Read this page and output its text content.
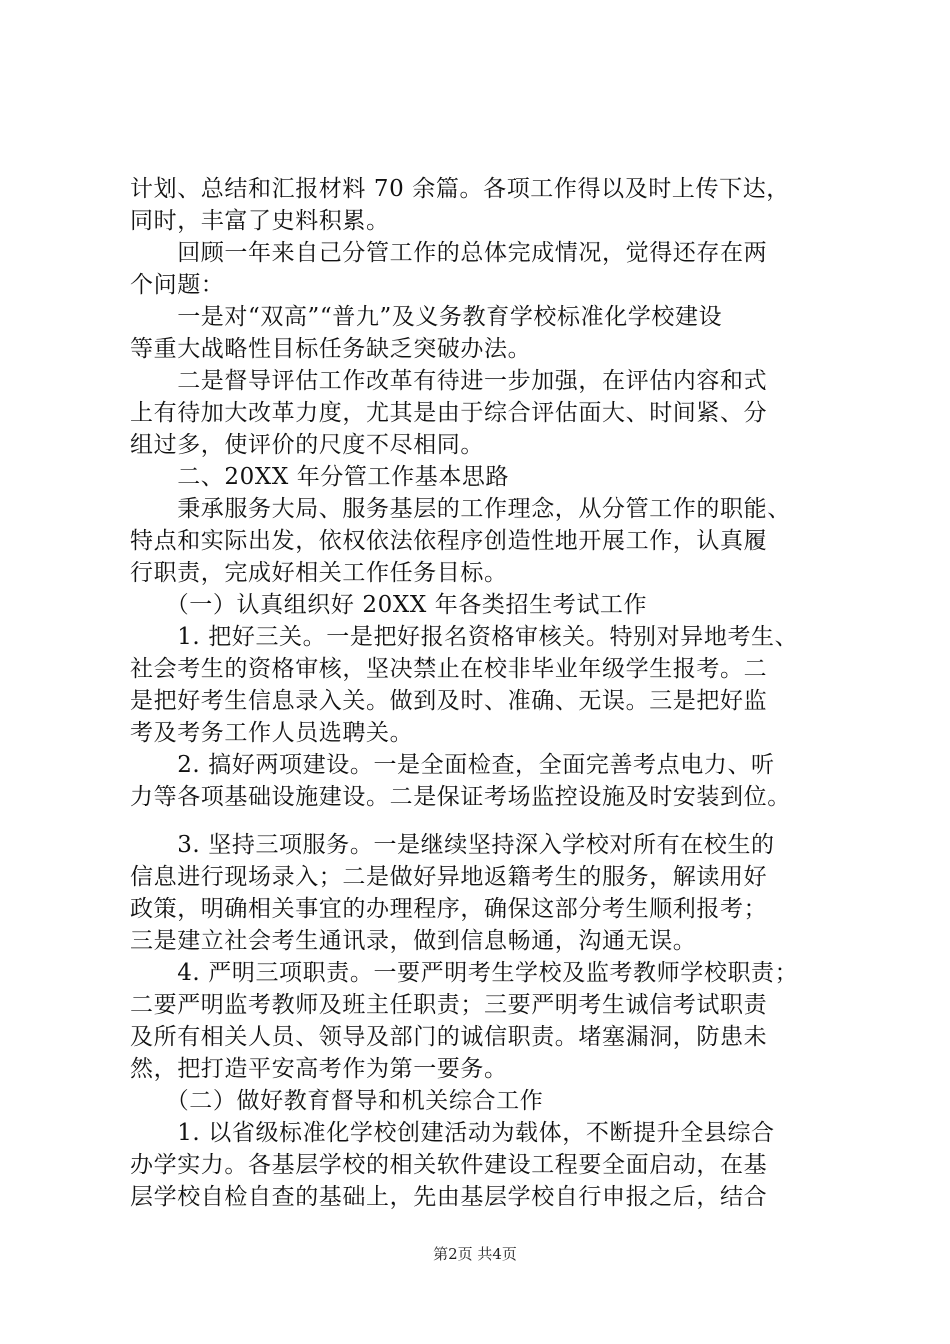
计划、总结和汇报材料 70 余篇。各项工作得以及时上传下达，
同时，丰富了史料积累。
　　回顾一年来自己分管工作的总体完成情况，觉得还存在两
个问题：
　　一是对“双高”“普九”及义务教育学校标准化学校建设
等重大战略性目标任务缺乏突破办法。
　　二是督导评估工作改革有待进一步加强，在评估内容和式
上有待加大改革力度，尤其是由于综合评估面大、时间紧、分
组过多，使评价的尺度不尽相同。
　　二、20XX 年分管工作基本思路
　　秉承服务大局、服务基层的工作理念，从分管工作的职能、
特点和实际出发，依权依法依程序创造性地开展工作，认真履
行职责，完成好相关工作任务目标。
　　（一）认真组织好 20XX 年各类招生考试工作
　　1. 把好三关。一是把好报名资格审核关。特别对异地考生、
社会考生的资格审核，坚决禁止在校非毕业年级学生报考。二
是把好考生信息录入关。做到及时、准确、无误。三是把好监
考及考务工作人员选聘关。
　　2. 搞好两项建设。一是全面检查，全面完善考点电力、听
力等各项基础设施建设。二是保证考场监控设施及时安装到位。
　　3. 坚持三项服务。一是继续坚持深入学校对所有在校生的
信息进行现场录入；二是做好异地返籍考生的服务，解读用好
政策，明确相关事宜的办理程序，确保这部分考生顺利报考；
三是建立社会考生通讯录，做到信息畅通，沟通无误。
　　4. 严明三项职责。一要严明考生学校及监考教师学校职责；
二要严明监考教师及班主任职责；三要严明考生诚信考试职责
及所有相关人员、领导及部门的诚信职责。堵塞漏洞，防患未
然，把打造平安高考作为第一要务。
　　（二）做好教育督导和机关综合工作
　　1. 以省级标准化学校创建活动为载体，不断提升全县综合
办学实力。各基层学校的相关软件建设工程要全面启动，在基
层学校自检自查的基础上，先由基层学校自行申报之后，结合
第2页 共4页
